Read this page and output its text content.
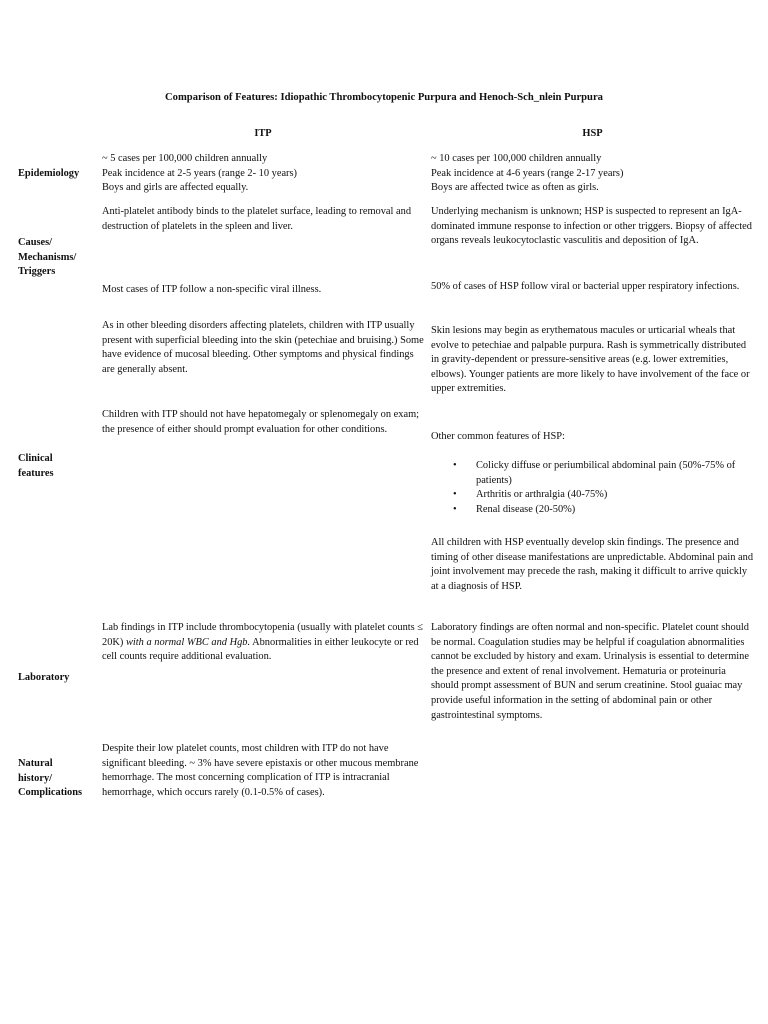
Comparison of Features: Idiopathic Thrombocytopenic Purpura and Henoch-Sch_nlein Purpura

ITP	HSP

Epidemiology

Causes/
Mechanisms/
Triggers

Clinical
features

Laboratory

Natural
history/
Complications

~ 5 cases per 100,000 children annually
Peak incidence at 2-5 years (range 2- 10 years)
Boys and girls are affected equally.

Anti-platelet antibody binds to the platelet surface, leading to removal and destruction of platelets in the spleen and liver.

Most cases of ITP follow a non-specific viral illness.

As in other bleeding disorders affecting platelets, children with ITP usually present with superficial bleeding into the skin (petechiae and bruising.) Some have evidence of mucosal bleeding. Other symptoms and physical findings are generally absent.

Children with ITP should not have hepatomegaly or splenomegaly on exam; the presence of either should prompt evaluation for other conditions.

Lab findings in ITP include thrombocytopenia (usually with platelet counts ≤ 20K) with a normal WBC and Hgb. Abnormalities in either leukocyte or red cell counts require additional evaluation.

Despite their low platelet counts, most children with ITP do not have significant bleeding. ~ 3% have severe epistaxis or other mucous membrane hemorrhage. The most concerning complication of ITP is intracranial hemorrhage, which occurs rarely (0.1-0.5% of cases).

~ 10 cases per 100,000 children annually
Peak incidence at 4-6 years (range 2-17 years)
Boys are affected twice as often as girls.

Underlying mechanism is unknown; HSP is suspected to represent an IgA-dominated immune response to infection or other triggers. Biopsy of affected organs reveals leukocytoclastic vasculitis and deposition of IgA.

50% of cases of HSP follow viral or bacterial upper respiratory infections.

Skin lesions may begin as erythematous macules or urticarial wheals that evolve to petechiae and palpable purpura. Rash is symmetrically distributed in gravity-dependent or pressure-sensitive areas (e.g. lower extremities, elbows). Younger patients are more likely to have involvement of the face or upper extremities.

Other common features of HSP:

• Colicky diffuse or periumbilical abdominal pain (50%-75% of patients)
• Arthritis or arthralgia (40-75%)
• Renal disease (20-50%)

All children with HSP eventually develop skin findings. The presence and timing of other disease manifestations are unpredictable. Abdominal pain and joint involvement may precede the rash, making it difficult to arrive quickly at a diagnosis of HSP.

Laboratory findings are often normal and non-specific. Platelet count should be normal. Coagulation studies may be helpful if coagulation abnormalities cannot be excluded by history and exam. Urinalysis is essential to determine the presence and extent of renal involvement. Hematuria or proteinuria should prompt assessment of BUN and serum creatinine. Stool guaiac may provide useful information in the setting of abdominal pain or other gastrointestinal symptoms.
